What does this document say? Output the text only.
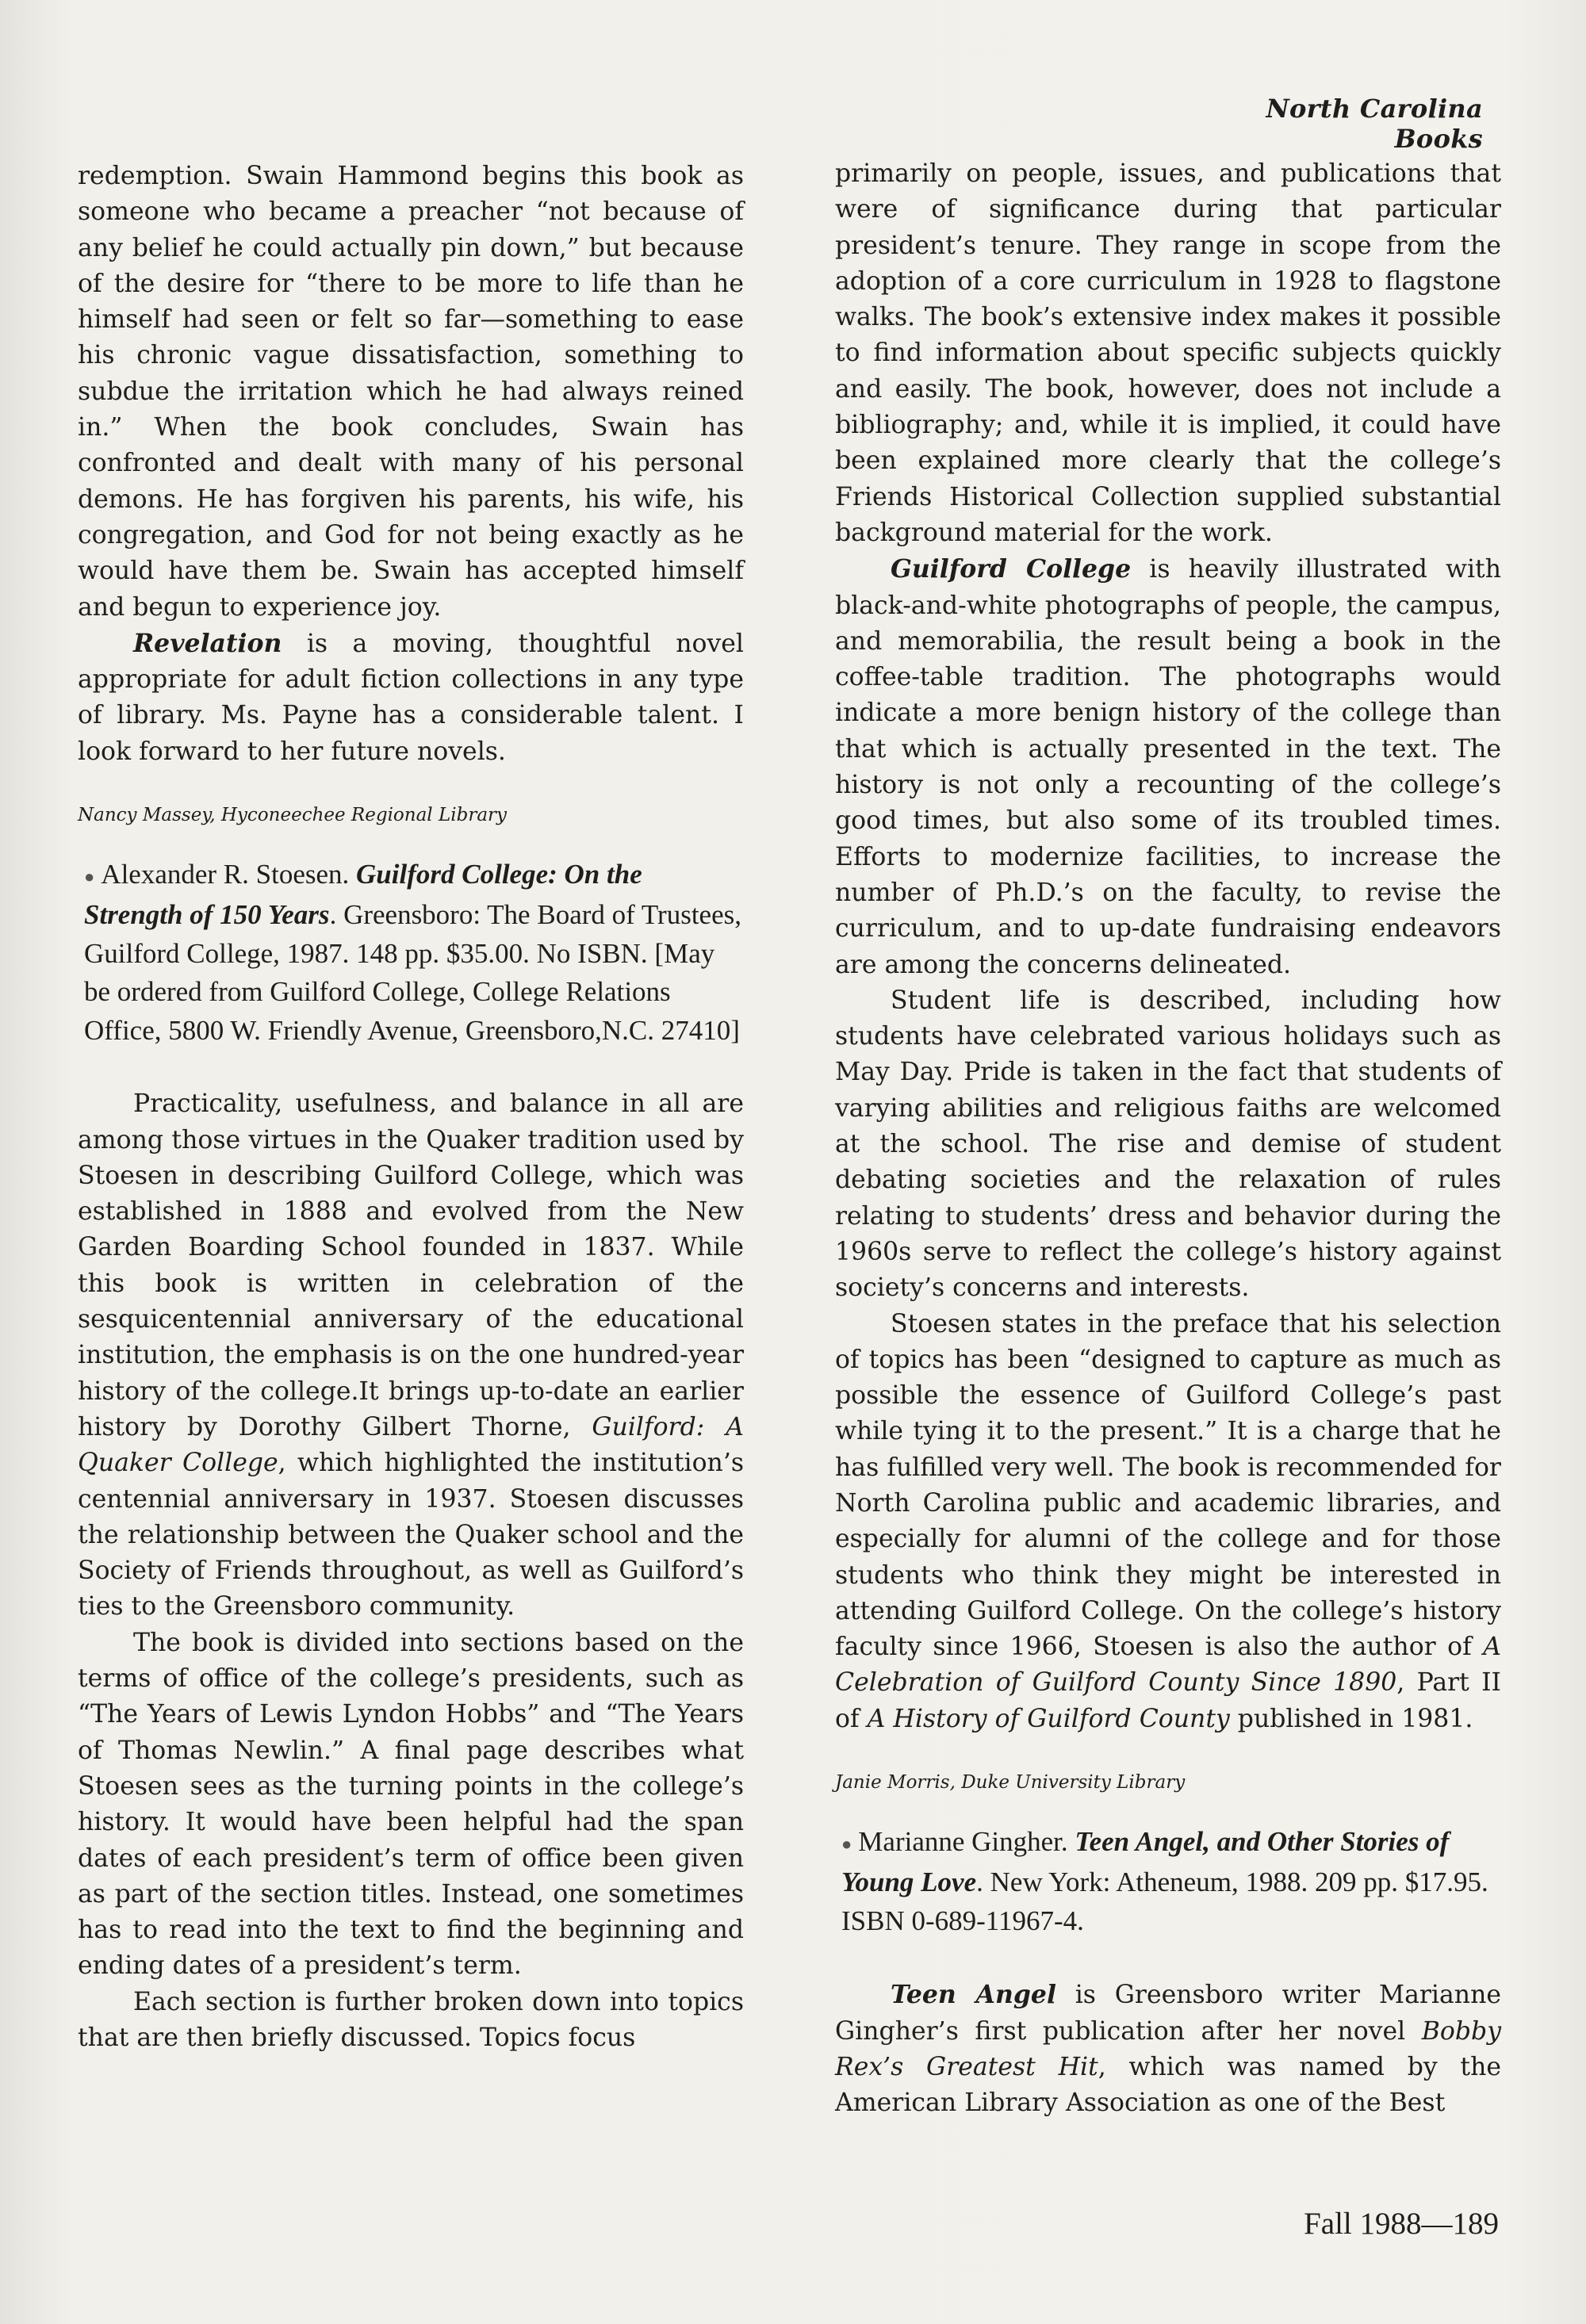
North Carolina Books

redemption. Swain Hammond begins this book as someone who became a preacher “not because of any belief he could actually pin down,” but because of the desire for “there to be more to life than he himself had seen or felt so far—something to ease his chronic vague dissatisfaction, something to subdue the irritation which he had always reined in.” When the book concludes, Swain has confronted and dealt with many of his personal demons. He has forgiven his parents, his wife, his congregation, and God for not being exactly as he would have them be. Swain has accepted himself and begun to experience joy.

Revelation is a moving, thoughtful novel appropriate for adult fiction collections in any type of library. Ms. Payne has a considerable talent. I look forward to her future novels.

Nancy Massey, Hyconeechee Regional Library

● Alexander R. Stoesen. Guilford College: On the Strength of 150 Years. Greensboro: The Board of Trustees, Guilford College, 1987. 148 pp. $35.00. No ISBN. [May be ordered from Guilford College, College Relations Office, 5800 W. Friendly Avenue, Greensboro,N.C. 27410]

Practicality, usefulness, and balance in all are among those virtues in the Quaker tradition used by Stoesen in describing Guilford College, which was established in 1888 and evolved from the New Garden Boarding School founded in 1837. While this book is written in celebration of the sesquicentennial anniversary of the educational institution, the emphasis is on the one hundred-year history of the college.It brings up-to-date an earlier history by Dorothy Gilbert Thorne, Guilford: A Quaker College, which highlighted the institution’s centennial anniversary in 1937. Stoesen discusses the relationship between the Quaker school and the Society of Friends throughout, as well as Guilford’s ties to the Greensboro community.

The book is divided into sections based on the terms of office of the college’s presidents, such as “The Years of Lewis Lyndon Hobbs” and “The Years of Thomas Newlin.” A final page describes what Stoesen sees as the turning points in the college’s history. It would have been helpful had the span dates of each president’s term of office been given as part of the section titles. Instead, one sometimes has to read into the text to find the beginning and ending dates of a president’s term.

Each section is further broken down into topics that are then briefly discussed. Topics focus

primarily on people, issues, and publications that were of significance during that particular president’s tenure. They range in scope from the adoption of a core curriculum in 1928 to flagstone walks. The book’s extensive index makes it possible to find information about specific subjects quickly and easily. The book, however, does not include a bibliography; and, while it is implied, it could have been explained more clearly that the college’s Friends Historical Collection supplied substantial background material for the work.

Guilford College is heavily illustrated with black-and-white photographs of people, the campus, and memorabilia, the result being a book in the coffee-table tradition. The photographs would indicate a more benign history of the college than that which is actually presented in the text. The history is not only a recounting of the college’s good times, but also some of its troubled times. Efforts to modernize facilities, to increase the number of Ph.D.’s on the faculty, to revise the curriculum, and to up-date fundraising endeavors are among the concerns delineated.

Student life is described, including how students have celebrated various holidays such as May Day. Pride is taken in the fact that students of varying abilities and religious faiths are welcomed at the school. The rise and demise of student debating societies and the relaxation of rules relating to students’ dress and behavior during the 1960s serve to reflect the college’s history against society’s concerns and interests.

Stoesen states in the preface that his selection of topics has been “designed to capture as much as possible the essence of Guilford College’s past while tying it to the present.” It is a charge that he has fulfilled very well. The book is recommended for North Carolina public and academic libraries, and especially for alumni of the college and for those students who think they might be interested in attending Guilford College. On the college’s history faculty since 1966, Stoesen is also the author of A Celebration of Guilford County Since 1890, Part II of A History of Guilford County published in 1981.

Janie Morris, Duke University Library

● Marianne Gingher. Teen Angel, and Other Stories of Young Love. New York: Atheneum, 1988. 209 pp. $17.95. ISBN 0-689-11967-4.

Teen Angel is Greensboro writer Marianne Gingher’s first publication after her novel Bobby Rex’s Greatest Hit, which was named by the American Library Association as one of the Best

Fall 1988—189
